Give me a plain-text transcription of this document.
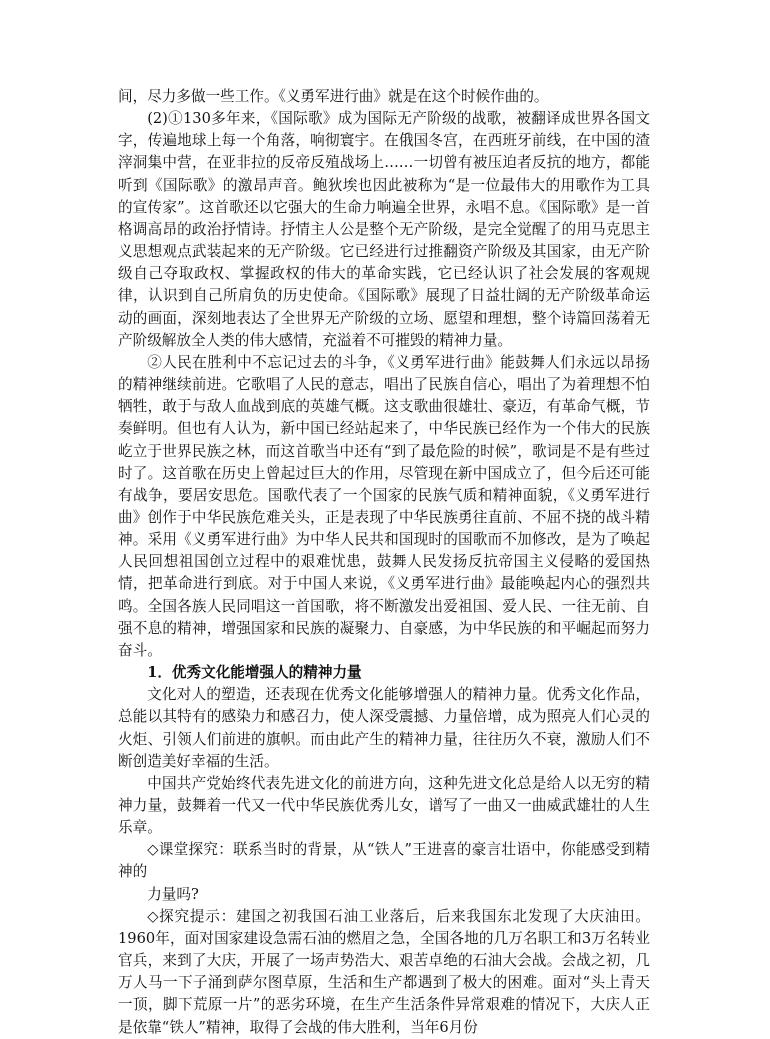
间，尽力多做一些工作。《义勇军进行曲》就是在这个时候作曲的。

(2)①130多年来，《国际歌》成为国际无产阶级的战歌，被翻译成世界各国文字，传遍地球上每一个角落，响彻寰宇。在俄国冬宫，在西班牙前线，在中国的渣滓洞集中营，在亚非拉的反帝反殖战场上……一切曾有被压迫者反抗的地方，都能听到《国际歌》的激昂声音。鲍狄埃也因此被称为“是一位最伟大的用歌作为工具的宣传家”。这首歌还以它强大的生命力响遍全世界，永唱不息。《国际歌》是一首格调高昂的政治抒情诗。抒情主人公是整个无产阶级，是完全觉醒了的用马克思主义思想观点武装起来的无产阶级。它已经进行过推翻资产阶级及其国家，由无产阶级自己夺取政权、掌握政权的伟大的革命实践，它已经认识了社会发展的客观规律，认识到自己所肩负的历史使命。《国际歌》展现了日益壮阔的无产阶级革命运动的画面，深刻地表达了全世界无产阶级的立场、愿望和理想，整个诗篇回荡着无产阶级解放全人类的伟大感情，充溢着不可摧毁的精神力量。

②人民在胜利中不忘记过去的斗争，《义勇军进行曲》能鼓舞人们永远以昂扬的精神继续前进。它歌唱了人民的意志，唱出了民族自信心，唱出了为着理想不怕牺牲，敢于与敌人血战到底的英雄气概。这支歌曲很雄壮、豪迈，有革命气概，节奏鲜明。但也有人认为，新中国已经站起来了，中华民族已经作为一个伟大的民族屹立于世界民族之林，而这首歌当中还有“到了最危险的时候”，歌词是不是有些过时了。这首歌在历史上曾起过巨大的作用，尽管现在新中国成立了，但今后还可能有战争，要居安思危。国歌代表了一个国家的民族气质和精神面貌，《义勇军进行曲》创作于中华民族危难关头，正是表现了中华民族勇往直前、不屈不挠的战斗精神。采用《义勇军进行曲》为中华人民共和国现时的国歌而不加修改，是为了唤起人民回想祖国创立过程中的艰难忧患，鼓舞人民发扬反抗帝国主义侵略的爱国热情，把革命进行到底。对于中国人来说，《义勇军进行曲》最能唤起内心的强烈共鸣。全国各族人民同唱这一首国歌，将不断激发出爱祖国、爱人民、一往无前、自强不息的精神，增强国家和民族的凝聚力、自豪感，为中华民族的和平崛起而努力奋斗。

1．优秀文化能增强人的精神力量

文化对人的塑造，还表现在优秀文化能够增强人的精神力量。优秀文化作品，总能以其特有的感染力和感召力，使人深受震撼、力量倍增，成为照亮人们心灵的火炬、引领人们前进的旗帜。而由此产生的精神力量，往往历久不衰，激励人们不断创造美好幸福的生活。

中国共产党始终代表先进文化的前进方向，这种先进文化总是给人以无穷的精神力量，鼓舞着一代又一代中华民族优秀儿女，谱写了一曲又一曲威武雄壮的人生乐章。

◇课堂探究：联系当时的背景，从“铁人”王进喜的豪言壮语中，你能感受到精神的

力量吗?

◇探究提示：建国之初我国石油工业落后，后来我国东北发现了大庆油田。1960年，面对国家建设急需石油的燃眉之急，全国各地的几万名职工和3万名转业官兵，来到了大庆，开展了一场声势浩大、艰苦卓绝的石油大会战。会战之初，几万人马一下子涌到萨尔图草原，生活和生产都遇到了极大的困难。面对“头上青天一顶，脚下荒原一片”的恶劣环境，在生产生活条件异常艰难的情况下，大庆人正是依靠“铁人”精神，取得了会战的伟大胜利，当年6月份
